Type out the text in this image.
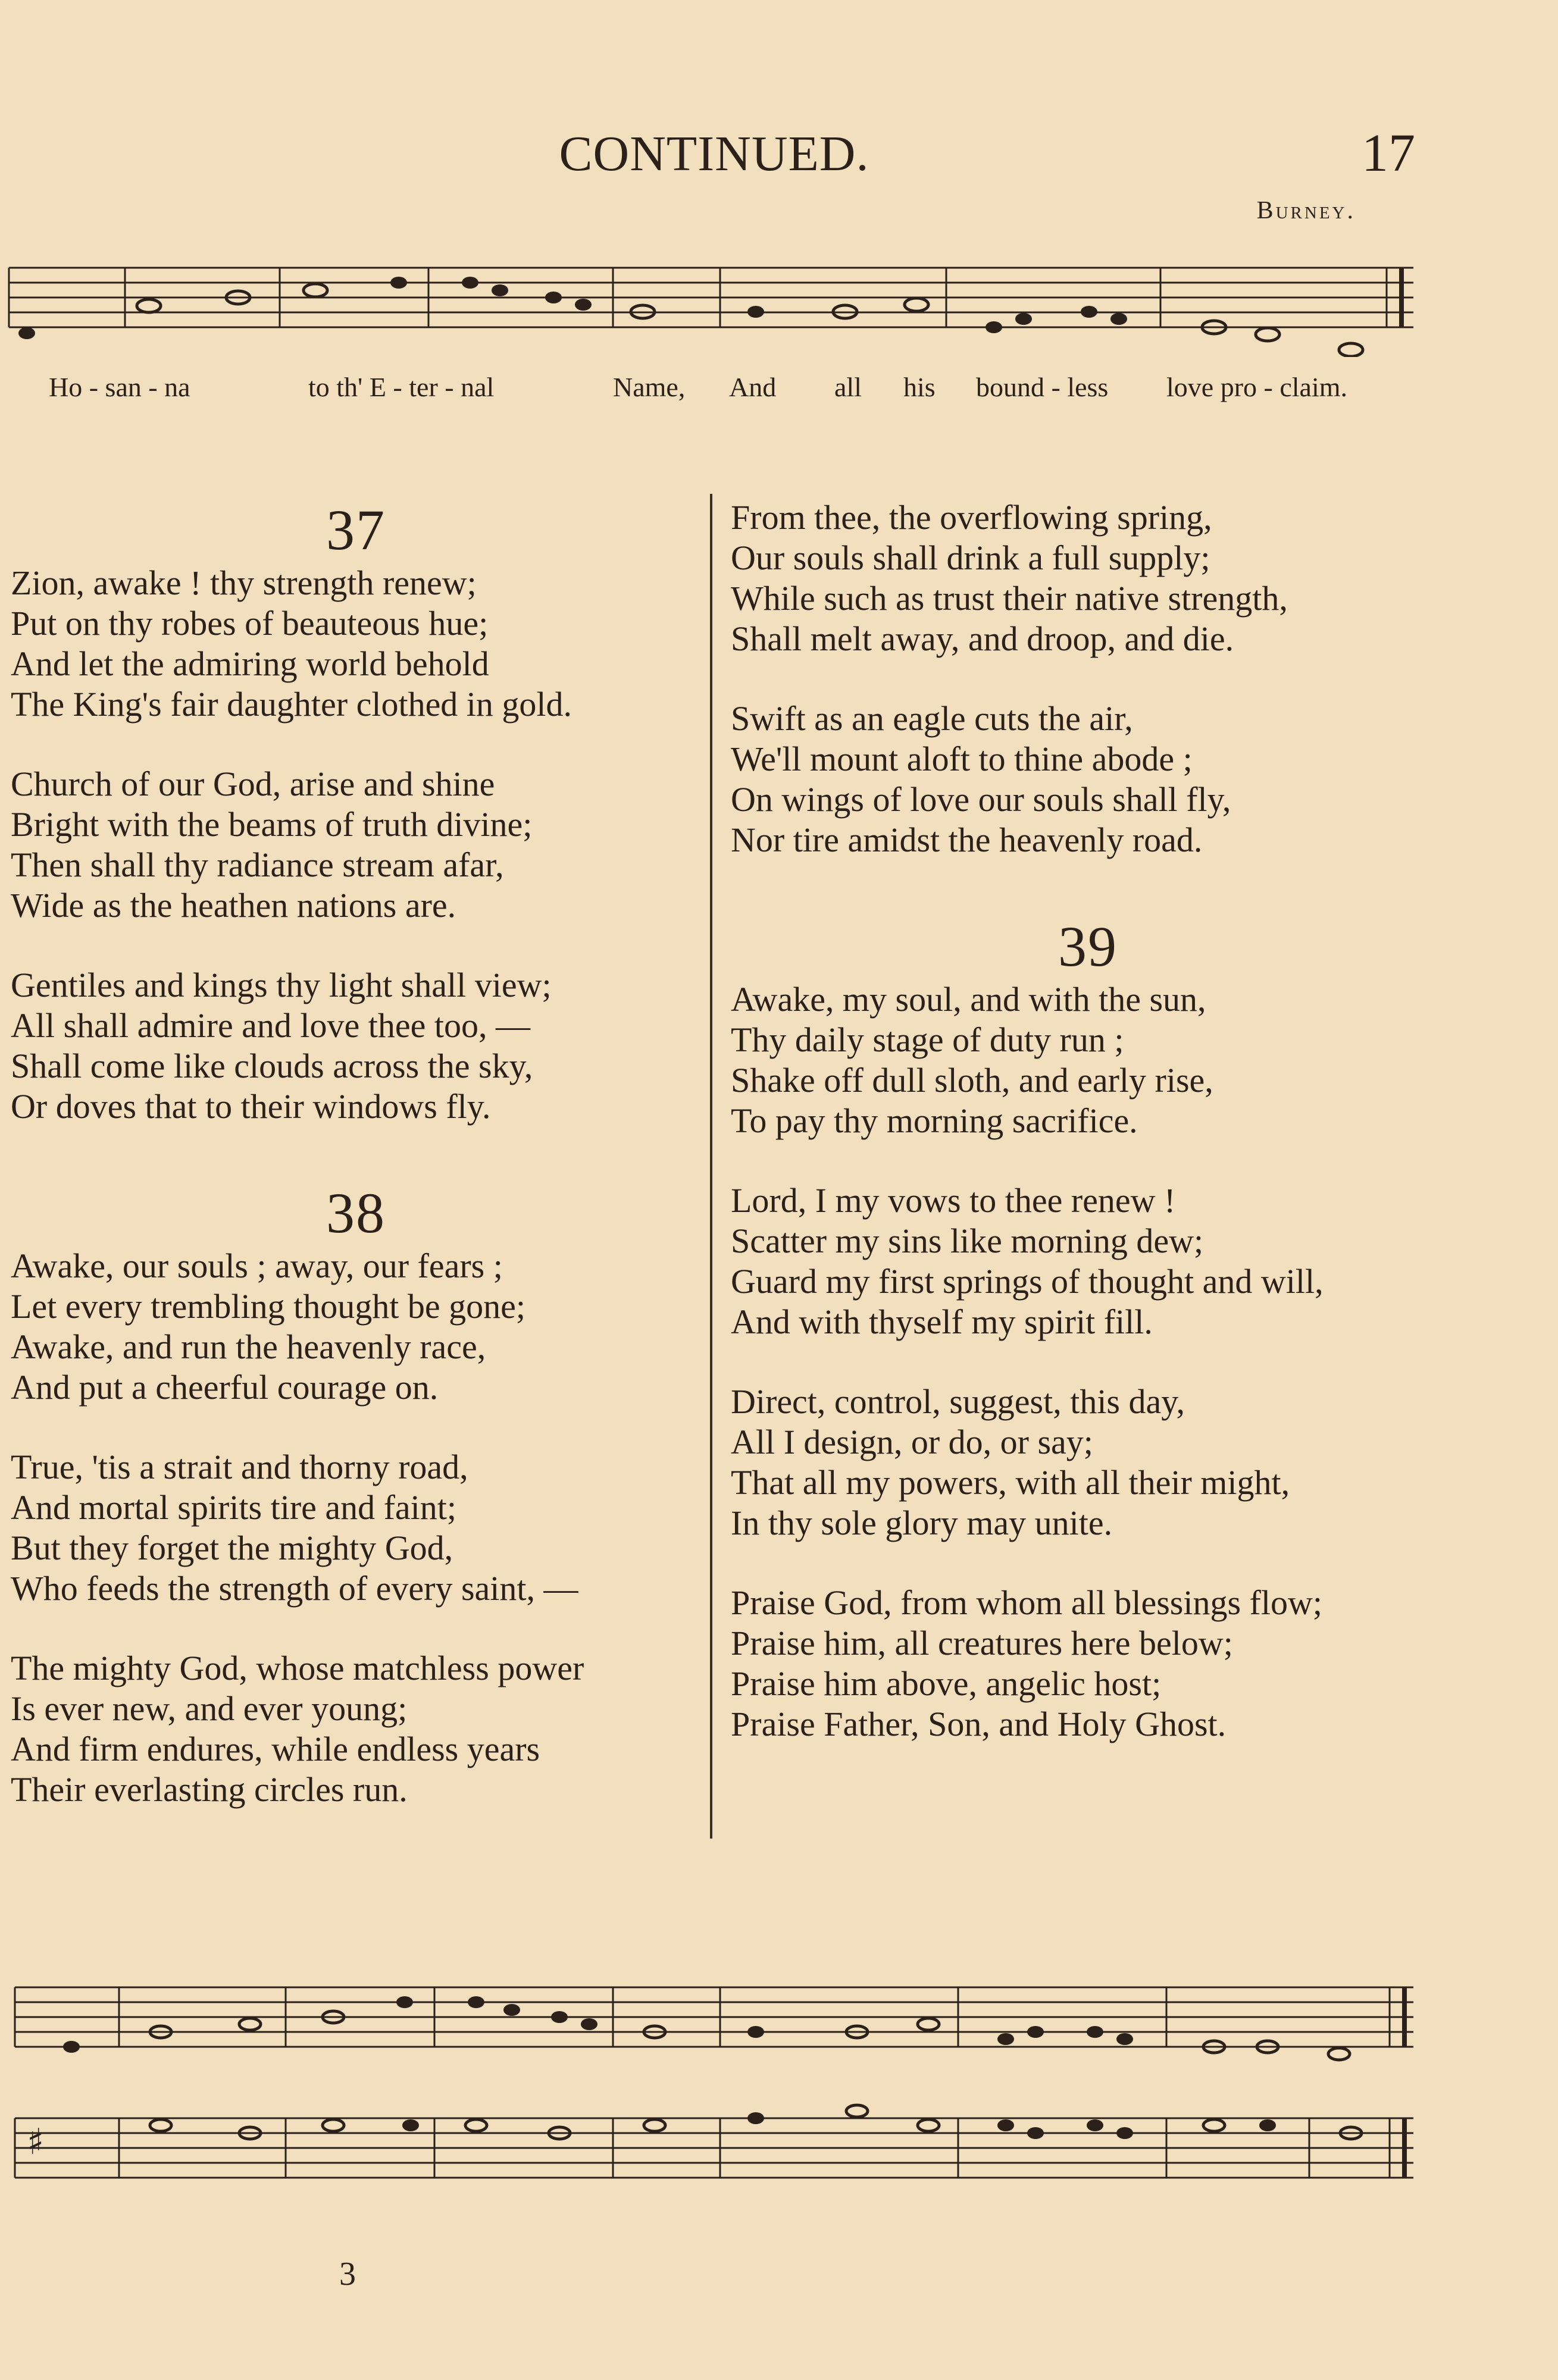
CONTINUED.	17
Burney.
Ho - san - na	to th' E - ter - nal	Name, And all his bound - less love pro - claim.
37
Zion, awake ! thy strength renew;
Put on thy robes of beauteous hue;
And let the admiring world behold
The King's fair daughter clothed in gold.
Church of our God, arise and shine
Bright with the beams of truth divine;
Then shall thy radiance stream afar,
Wide as the heathen nations are.
Gentiles and kings thy light shall view;
All shall admire and love thee too, —
Shall come like clouds across the sky,
Or doves that to their windows fly.
38
Awake, our souls ; away, our fears ;
Let every trembling thought be gone;
Awake, and run the heavenly race,
And put a cheerful courage on.
True, 'tis a strait and thorny road,
And mortal spirits tire and faint;
But they forget the mighty God,
Who feeds the strength of every saint, —
The mighty God, whose matchless power
Is ever new, and ever young;
And firm endures, while endless years
Their everlasting circles run.
From thee, the overflowing spring,
Our souls shall drink a full supply;
While such as trust their native strength,
Shall melt away, and droop, and die.
Swift as an eagle cuts the air,
We'll mount aloft to thine abode ;
On wings of love our souls shall fly,
Nor tire amidst the heavenly road.
39
Awake, my soul, and with the sun,
Thy daily stage of duty run ;
Shake off dull sloth, and early rise,
To pay thy morning sacrifice.
Lord, I my vows to thee renew !
Scatter my sins like morning dew;
Guard my first springs of thought and will,
And with thyself my spirit fill.
Direct, control, suggest, this day,
All I design, or do, or say;
That all my powers, with all their might,
In thy sole glory may unite.
Praise God, from whom all blessings flow;
Praise him, all creatures here below;
Praise him above, angelic host;
Praise Father, Son, and Holy Ghost.
♯
3
